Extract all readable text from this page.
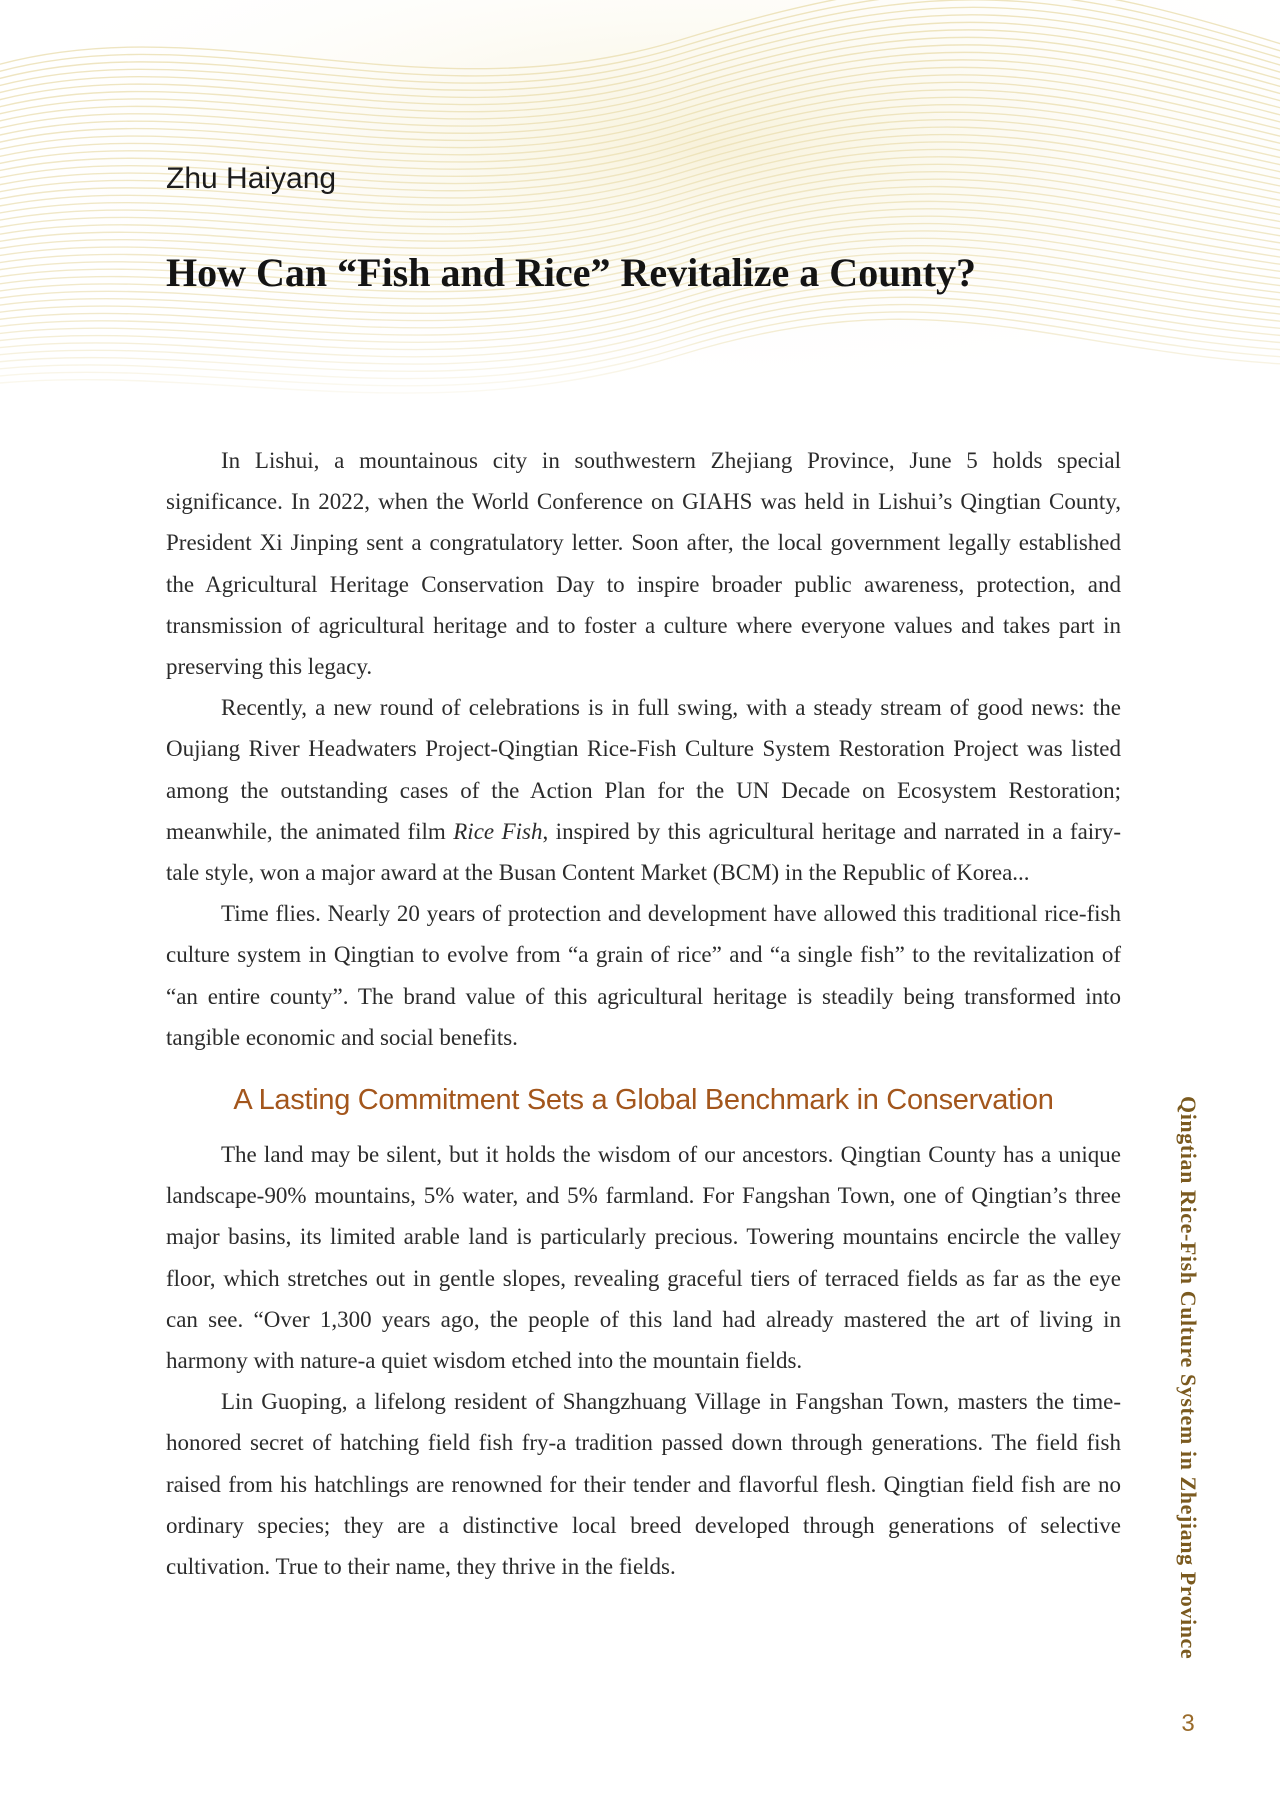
Zhu Haiyang
How Can “Fish and Rice” Revitalize a County?

In Lishui, a mountainous city in southwestern Zhejiang Province, June 5 holds special significance. In 2022, when the World Conference on GIAHS was held in Lishui’s Qingtian County, President Xi Jinping sent a congratulatory letter. Soon after, the local government legally established the Agricultural Heritage Conservation Day to inspire broader public awareness, protection, and transmission of agricultural heritage and to foster a culture where everyone values and takes part in preserving this legacy.

Recently, a new round of celebrations is in full swing, with a steady stream of good news: the Oujiang River Headwaters Project-Qingtian Rice-Fish Culture System Restoration Project was listed among the outstanding cases of the Action Plan for the UN Decade on Ecosystem Restoration; meanwhile, the animated film Rice Fish, inspired by this agricultural heritage and narrated in a fairy-tale style, won a major award at the Busan Content Market (BCM) in the Republic of Korea...

Time flies. Nearly 20 years of protection and development have allowed this traditional rice-fish culture system in Qingtian to evolve from “a grain of rice” and “a single fish” to the revitalization of “an entire county”. The brand value of this agricultural heritage is steadily being transformed into tangible economic and social benefits.

A Lasting Commitment Sets a Global Benchmark in Conservation

The land may be silent, but it holds the wisdom of our ancestors. Qingtian County has a unique landscape-90% mountains, 5% water, and 5% farmland. For Fangshan Town, one of Qingtian’s three major basins, its limited arable land is particularly precious. Towering mountains encircle the valley floor, which stretches out in gentle slopes, revealing graceful tiers of terraced fields as far as the eye can see. “Over 1,300 years ago, the people of this land had already mastered the art of living in harmony with nature-a quiet wisdom etched into the mountain fields.

Lin Guoping, a lifelong resident of Shangzhuang Village in Fangshan Town, masters the time-honored secret of hatching field fish fry-a tradition passed down through generations. The field fish raised from his hatchlings are renowned for their tender and flavorful flesh. Qingtian field fish are no ordinary species; they are a distinctive local breed developed through generations of selective cultivation. True to their name, they thrive in the fields.	Qingtian Rice-Fish Culture System in Zhejiang Province
3
